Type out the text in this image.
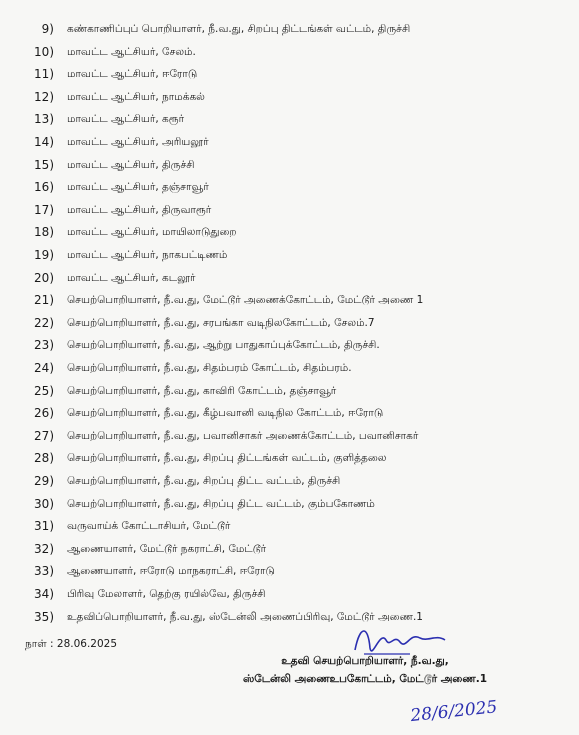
9) கண்காணிப்புப் பொறியாளர், நீ.வ.து, சிறப்பு திட்டங்கள் வட்டம், திருச்சி
10) மாவட்ட ஆட்சியர், சேலம்.
11) மாவட்ட ஆட்சியர், ஈரோடு
12) மாவட்ட ஆட்சியர், நாமக்கல்
13) மாவட்ட ஆட்சியர், கரூர்
14) மாவட்ட ஆட்சியர், அரியலூர்
15) மாவட்ட ஆட்சியர், திருச்சி
16) மாவட்ட ஆட்சியர், தஞ்சாவூர்
17) மாவட்ட ஆட்சியர், திருவாரூர்
18) மாவட்ட ஆட்சியர், மாயிலாடுதுறை
19) மாவட்ட ஆட்சியர், நாகபட்டிணம்
20) மாவட்ட ஆட்சியர், கடலூர்
21) செயற்பொறியாளர், நீ.வ.து, மேட்டூர் அணைக்கோட்டம், மேட்டூர் அணை 1
22) செயற்பொறியாளர், நீ.வ.து, சரபங்கா வடிநிலகோட்டம், சேலம்.7
23) செயற்பொறியாளர், நீ.வ.து, ஆற்று பாதுகாப்புக்கோட்டம், திருச்சி.
24) செயற்பொறியாளர், நீ.வ.து, சிதம்பரம் கோட்டம், சிதம்பரம்.
25) செயற்பொறியாளர், நீ.வ.து, காவிரி கோட்டம், தஞ்சாவூர்
26) செயற்பொறியாளர், நீ.வ.து, கீழ்பவானி வடிநில கோட்டம், ஈரோடு
27) செயற்பொறியாளர், நீ.வ.து, பவானிசாகர் அணைக்கோட்டம், பவானிசாகர்
28) செயற்பொறியாளர், நீ.வ.து, சிறப்பு திட்டங்கள் வட்டம், குளித்தலை
29) செயற்பொறியாளர், நீ.வ.து, சிறப்பு திட்ட வட்டம், திருச்சி
30) செயற்பொறியாளர், நீ.வ.து, சிறப்பு திட்ட வட்டம், கும்பகோணம்
31) வருவாய்க் கோட்டாசியர், மேட்டூர்
32) ஆணையாளர், மேட்டூர் நகராட்சி, மேட்டூர்
33) ஆணையாளர், ஈரோடு மாநகராட்சி, ஈரோடு
34) பிரிவு மேலாளர், தெற்கு ரயில்வே, திருச்சி
35) உதவிப்பொறியாளர், நீ.வ.து, ஸ்டேன்லி அணைப்பிரிவு, மேட்டூர் அணை.1
நாள் : 28.06.2025
உதவி செயற்பொறியாளர், நீ.வ.து,
ஸ்டேன்லி அணைஉபகோட்டம், மேட்டூர் அணை.1
28/6/2025
